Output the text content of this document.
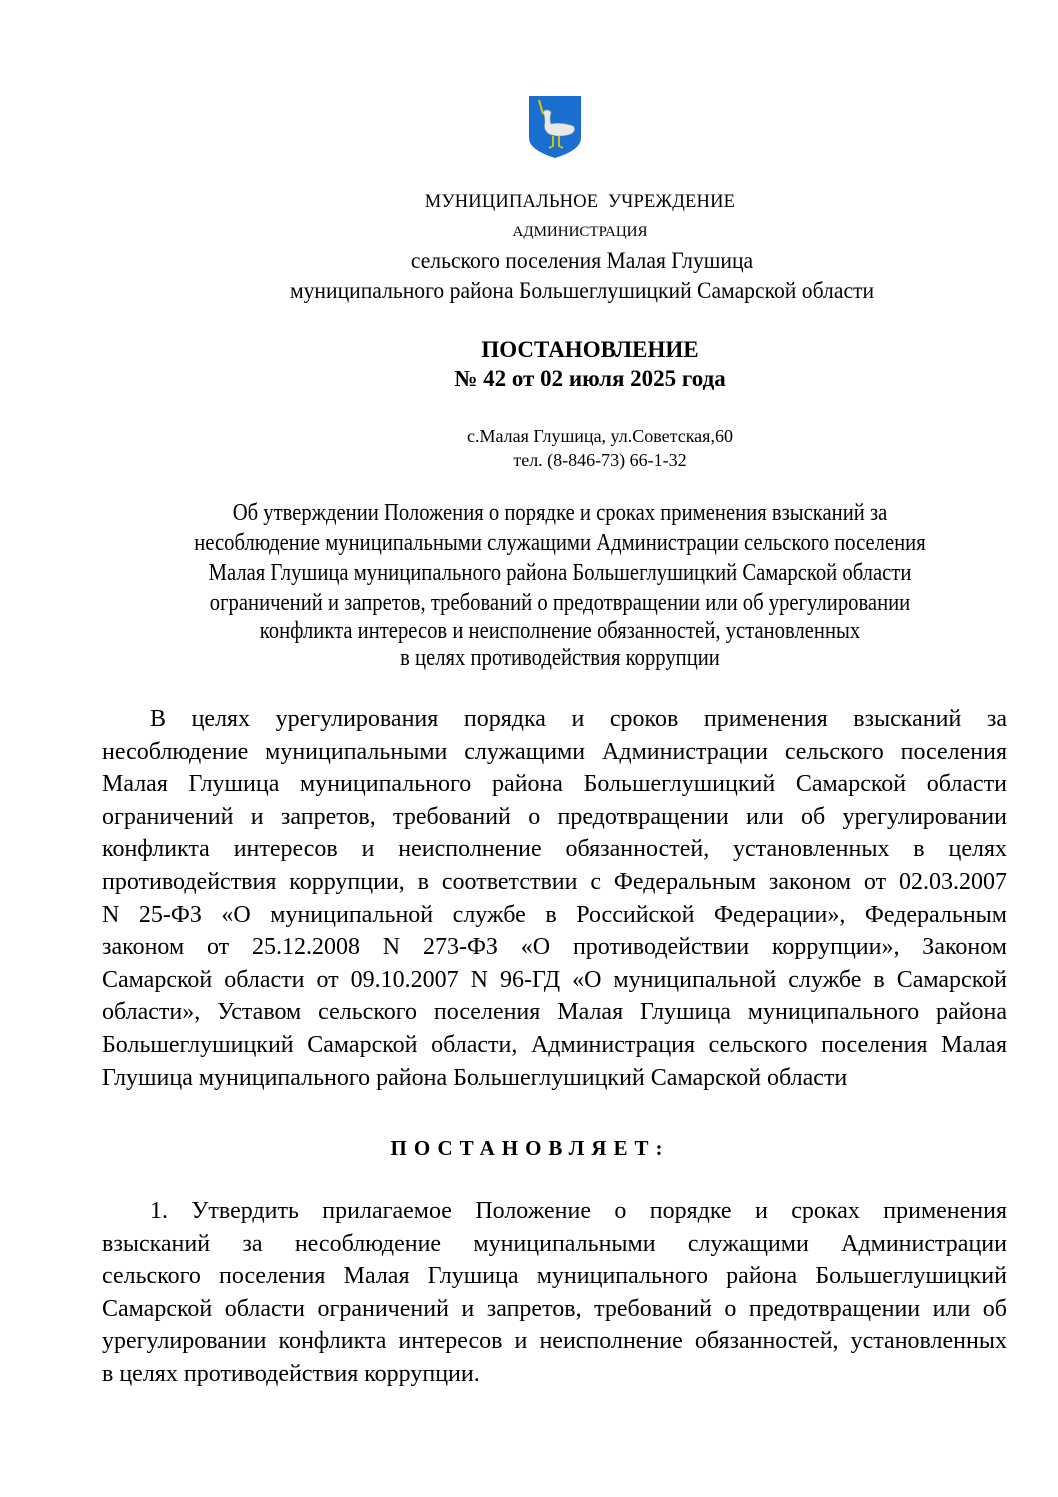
МУНИЦИПАЛЬНОЕ  УЧРЕЖДЕНИЕ
АДМИНИСТРАЦИЯ
сельского поселения Малая Глушица
муниципального района Большеглушицкий Самарской области
ПОСТАНОВЛЕНИЕ
№ 42 от 02 июля 2025 года
с.Малая Глушица, ул.Советская,60
тел. (8-846-73) 66-1-32
Об утверждении Положения о порядке и сроках применения взысканий за
несоблюдение муниципальными служащими Администрации сельского поселения
Малая Глушица муниципального района Большеглушицкий Самарской области
ограничений и запретов, требований о предотвращении или об урегулировании
конфликта интересов и неисполнение обязанностей, установленных
в целях противодействия коррупции
В целях урегулирования порядка и сроков применения взысканий за
несоблюдение муниципальными служащими Администрации сельского поселения
Малая Глушица муниципального района Большеглушицкий Самарской области
ограничений и запретов, требований о предотвращении или об урегулировании
конфликта интересов и неисполнение обязанностей, установленных в целях
противодействия коррупции, в соответствии с Федеральным законом от 02.03.2007
N 25-ФЗ «О муниципальной службе в Российской Федерации», Федеральным
законом от 25.12.2008 N 273-ФЗ «О противодействии коррупции», Законом
Самарской области от 09.10.2007 N 96-ГД «О муниципальной службе в Самарской
области», Уставом сельского поселения Малая Глушица муниципального района
Большеглушицкий Самарской области, Администрация сельского поселения Малая
Глушица муниципального района Большеглушицкий Самарской области
ПОСТАНОВЛЯЕТ:
1. Утвердить прилагаемое Положение о порядке и сроках применения
взысканий за несоблюдение муниципальными служащими Администрации
сельского поселения Малая Глушица муниципального района Большеглушицкий
Самарской области ограничений и запретов, требований о предотвращении или об
урегулировании конфликта интересов и неисполнение обязанностей, установленных
в целях противодействия коррупции.
